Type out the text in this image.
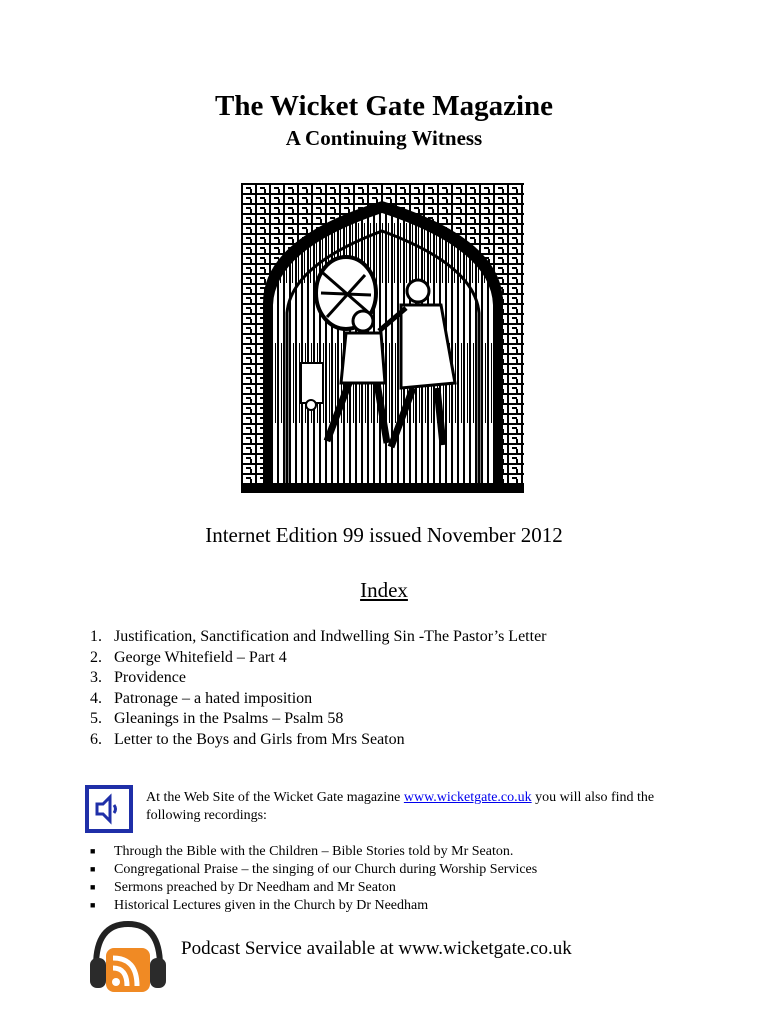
The Wicket Gate Magazine
A Continuing Witness
Internet Edition 99 issued November 2012
Index
1. Justification, Sanctification and Indwelling Sin -The Pastor’s Letter
2. George Whitefield – Part 4
3. Providence
4. Patronage – a hated imposition
5. Gleanings in the Psalms – Psalm 58
6. Letter to the Boys and Girls from Mrs Seaton
At the Web Site of the Wicket Gate magazine www.wicketgate.co.uk you will also find the following recordings:
■ Through the Bible with the Children – Bible Stories told by Mr Seaton.
■ Congregational Praise – the singing of our Church during Worship Services
■ Sermons preached by Dr Needham and Mr Seaton
■ Historical Lectures given in the Church by Dr Needham
Podcast Service available at www.wicketgate.co.uk
